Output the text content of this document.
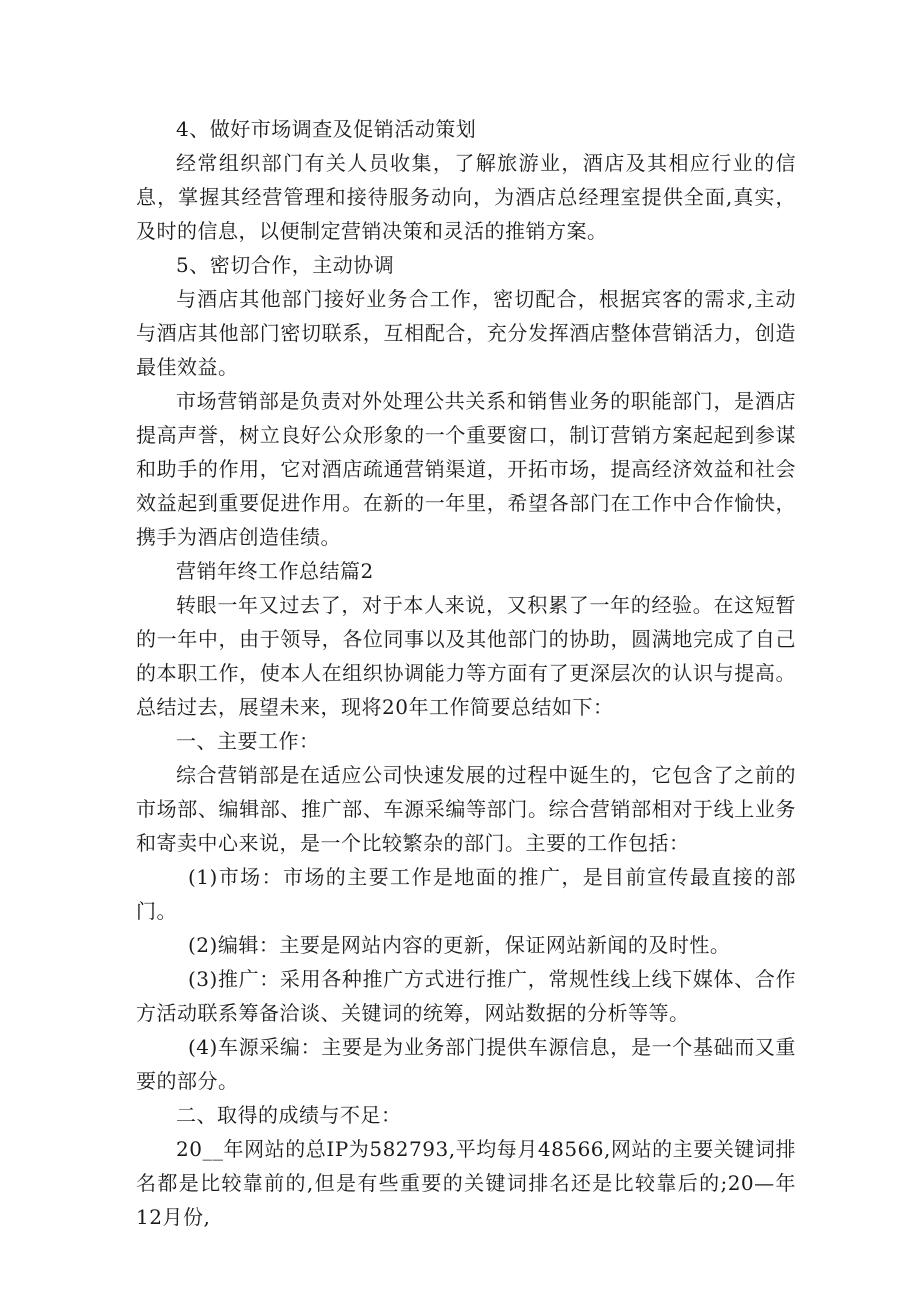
4、做好市场调查及促销活动策划

经常组织部门有关人员收集，了解旅游业，酒店及其相应行业的信息，掌握其经营管理和接待服务动向，为酒店总经理室提供全面,真实，及时的信息，以便制定营销决策和灵活的推销方案。

5、密切合作，主动协调

与酒店其他部门接好业务合工作，密切配合，根据宾客的需求,主动与酒店其他部门密切联系，互相配合，充分发挥酒店整体营销活力，创造最佳效益。

市场营销部是负责对外处理公共关系和销售业务的职能部门，是酒店提高声誉，树立良好公众形象的一个重要窗口，制订营销方案起起到参谋和助手的作用，它对酒店疏通营销渠道，开拓市场，提高经济效益和社会效益起到重要促进作用。在新的一年里，希望各部门在工作中合作愉快，携手为酒店创造佳绩。

营销年终工作总结篇2

转眼一年又过去了，对于本人来说，又积累了一年的经验。在这短暂的一年中，由于领导，各位同事以及其他部门的协助，圆满地完成了自己的本职工作，使本人在组织协调能力等方面有了更深层次的认识与提高。总结过去，展望未来，现将20年工作简要总结如下：

一、主要工作：

综合营销部是在适应公司快速发展的过程中诞生的，它包含了之前的市场部、编辑部、推广部、车源采编等部门。综合营销部相对于线上业务和寄卖中心来说，是一个比较繁杂的部门。主要的工作包括：

(1)市场：市场的主要工作是地面的推广，是目前宣传最直接的部门。

(2)编辑：主要是网站内容的更新，保证网站新闻的及时性。

(3)推广：采用各种推广方式进行推广，常规性线上线下媒体、合作方活动联系筹备洽谈、关键词的统筹，网站数据的分析等等。

(4)车源采编：主要是为业务部门提供车源信息，是一个基础而又重要的部分。

二、取得的成绩与不足：

20__年网站的总IP为582793,平均每月48566,网站的主要关键词排名都是比较靠前的,但是有些重要的关键词排名还是比较靠后的;20—年12月份,
